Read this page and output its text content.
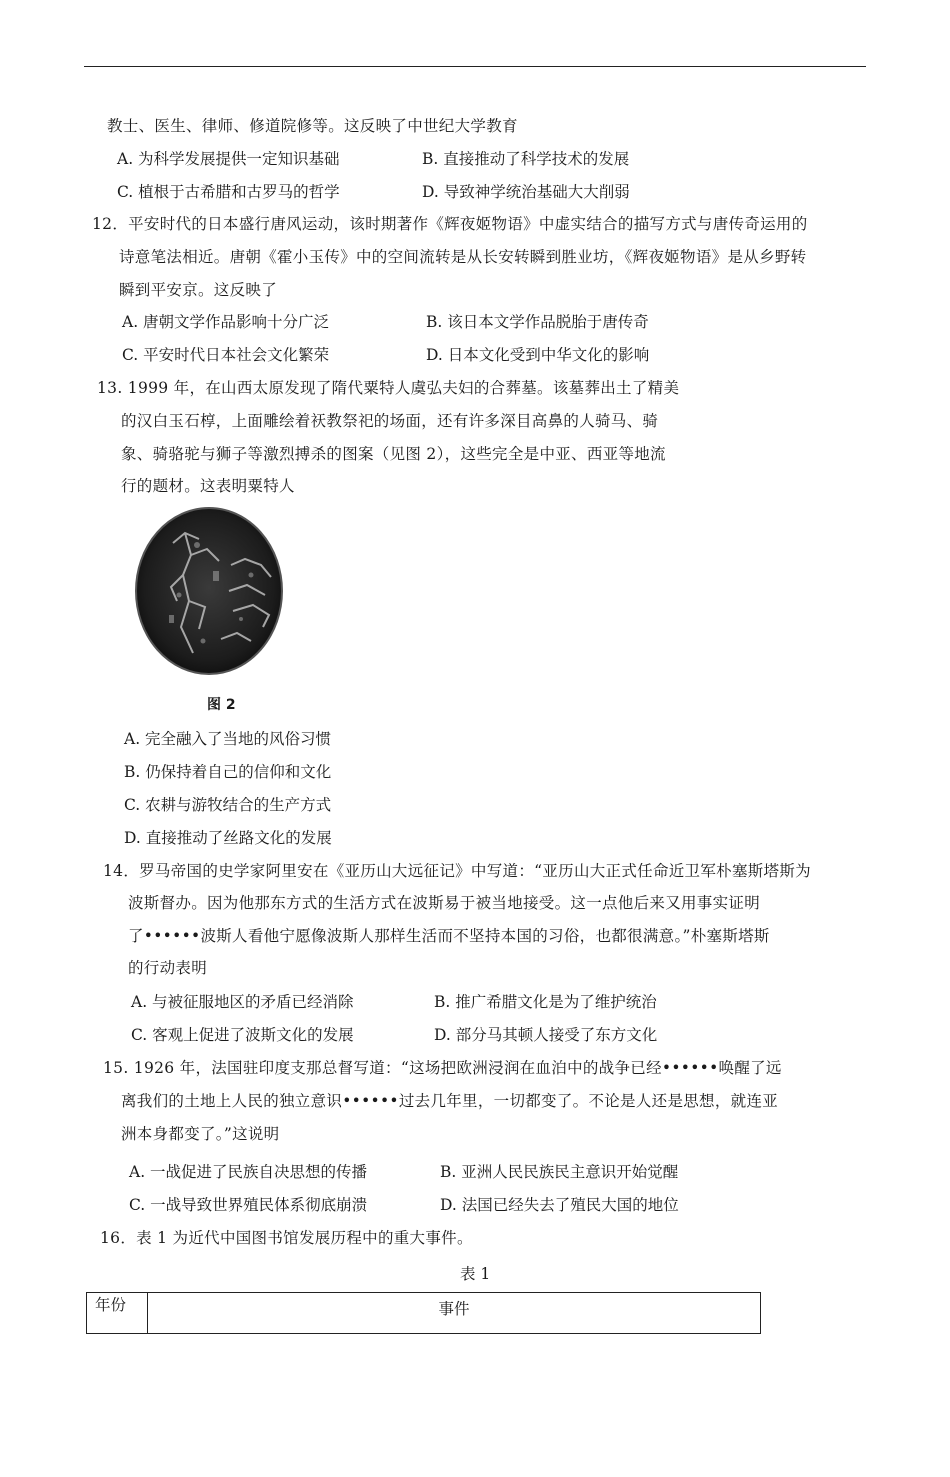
教士、医生、律师、修道院修等。这反映了中世纪大学教育
A. 为科学发展提供一定知识基础	B. 直接推动了科学技术的发展
C. 植根于古希腊和古罗马的哲学	D. 导致神学统治基础大大削弱
12．平安时代的日本盛行唐风运动，该时期著作《辉夜姬物语》中虚实结合的描写方式与唐传奇运用的
诗意笔法相近。唐朝《霍小玉传》中的空间流转是从长安转瞬到胜业坊，《辉夜姬物语》是从乡野转
瞬到平安京。这反映了
A. 唐朝文学作品影响十分广泛	B. 该日本文学作品脱胎于唐传奇
C. 平安时代日本社会文化繁荣	D. 日本文化受到中华文化的影响
13. 1999 年，在山西太原发现了隋代粟特人虞弘夫妇的合葬墓。该墓葬出土了精美
的汉白玉石椁，上面雕绘着祆教祭祀的场面，还有许多深目高鼻的人骑马、骑
象、骑骆驼与狮子等激烈搏杀的图案（见图 2），这些完全是中亚、西亚等地流
行的题材。这表明粟特人
图 2
A. 完全融入了当地的风俗习惯
B. 仍保持着自己的信仰和文化
C. 农耕与游牧结合的生产方式
D. 直接推动了丝路文化的发展
14．罗马帝国的史学家阿里安在《亚历山大远征记》中写道：“亚历山大正式任命近卫军朴塞斯塔斯为
波斯督办。因为他那东方式的生活方式在波斯易于被当地接受。这一点他后来又用事实证明
了••••••波斯人看他宁愿像波斯人那样生活而不坚持本国的习俗，也都很满意。”朴塞斯塔斯
的行动表明
A. 与被征服地区的矛盾已经消除	B. 推广希腊文化是为了维护统治
C. 客观上促进了波斯文化的发展	D. 部分马其顿人接受了东方文化
15. 1926 年，法国驻印度支那总督写道：“这场把欧洲浸润在血泊中的战争已经••••••唤醒了远
离我们的土地上人民的独立意识••••••过去几年里，一切都变了。不论是人还是思想，就连亚
洲本身都变了。”这说明
A. 一战促进了民族自决思想的传播	B. 亚洲人民民族民主意识开始觉醒
C. 一战导致世界殖民体系彻底崩溃	D. 法国已经失去了殖民大国的地位
16．表 1 为近代中国图书馆发展历程中的重大事件。
表 1
年份	事件
